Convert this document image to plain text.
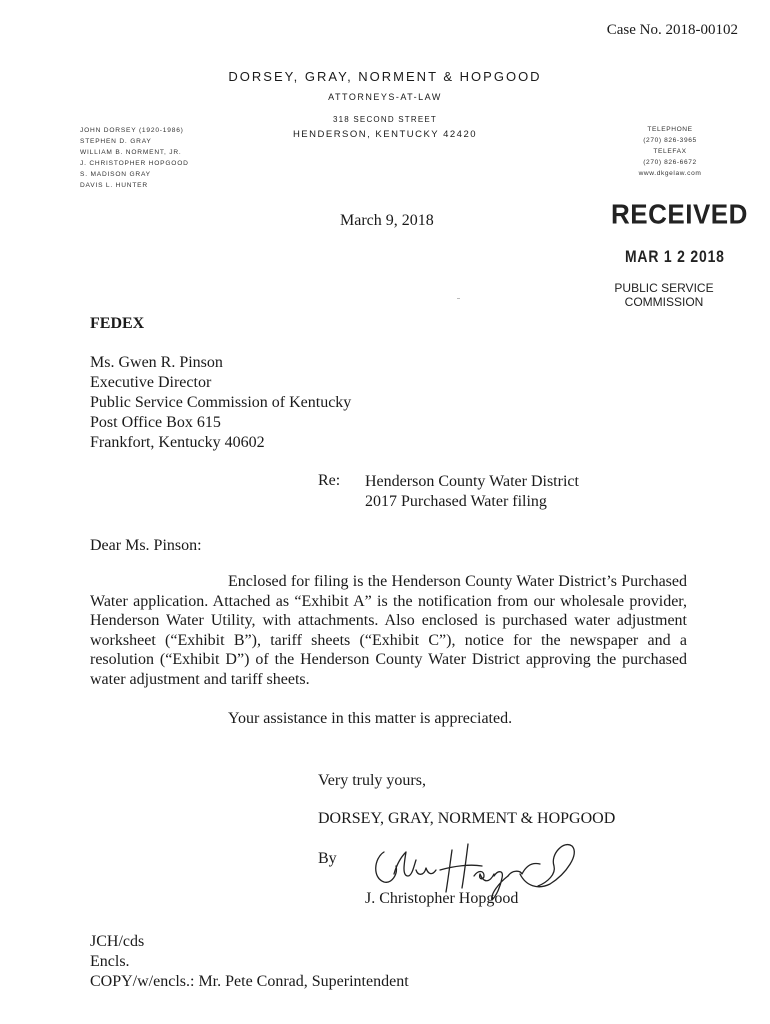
Case No. 2018-00102
DORSEY, GRAY, NORMENT & HOPGOOD
ATTORNEYS-AT-LAW
318 SECOND STREET
HENDERSON, KENTUCKY 42420
JOHN DORSEY (1920-1986)
STEPHEN D. GRAY
WILLIAM B. NORMENT, JR.
J. CHRISTOPHER HOPGOOD
S. MADISON GRAY
DAVIS L. HUNTER
TELEPHONE
(270) 826-3965
TELEFAX
(270) 826-6672
www.dkgelaw.com
March 9, 2018	RECEIVED
MAR 1 2 2018
PUBLIC SERVICE
COMMISSION
FEDEX
Ms. Gwen R. Pinson
Executive Director
Public Service Commission of Kentucky
Post Office Box 615
Frankfort, Kentucky 40602
Re: Henderson County Water District
2017 Purchased Water filing
Dear Ms. Pinson:
Enclosed for filing is the Henderson County Water District’s Purchased
Water application. Attached as “Exhibit A” is the notification from our wholesale provider,
Henderson Water Utility, with attachments. Also enclosed is purchased water adjustment
worksheet (“Exhibit B”), tariff sheets (“Exhibit C”), notice for the newspaper and a
resolution (“Exhibit D”) of the Henderson County Water District approving the purchased
water adjustment and tariff sheets.
Your assistance in this matter is appreciated.
Very truly yours,
DORSEY, GRAY, NORMENT & HOPGOOD
By
J. Christopher Hopgood
JCH/cds
Encls.
COPY/w/encls.: Mr. Pete Conrad, Superintendent
